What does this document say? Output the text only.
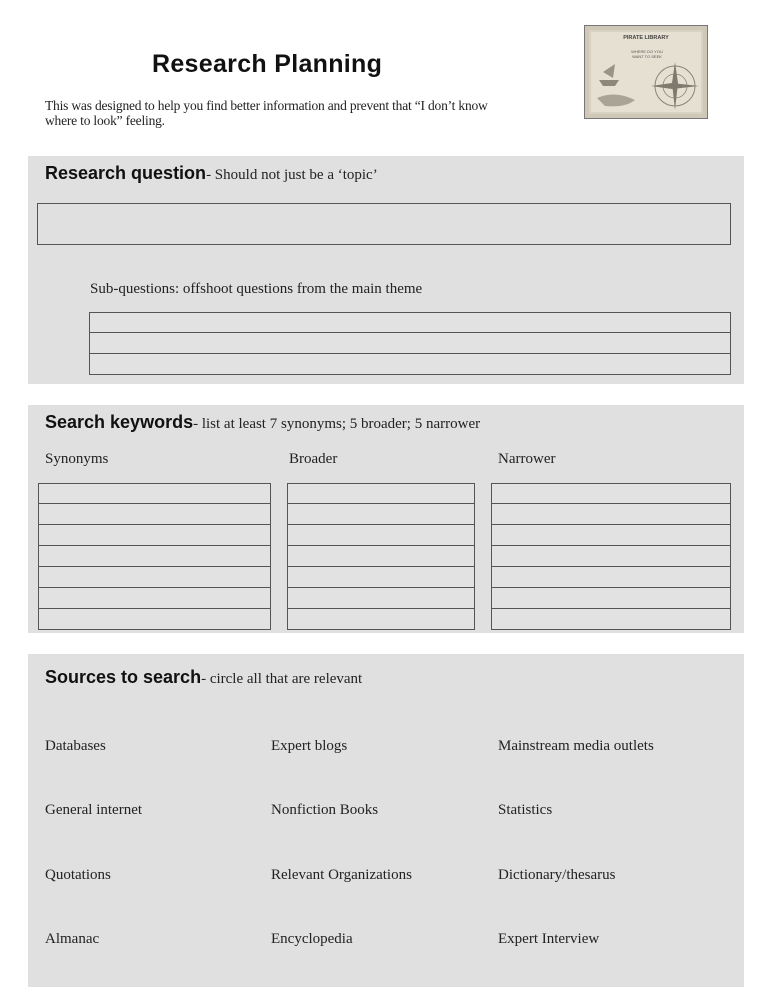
Research Planning
This was designed to help you find better information and prevent that “I don’t know where to look” feeling.
PIRATE LIBRARY
WHERE DO YOU
WANT TO SEEK
Research question- Should not just be a ‘topic’
Sub-questions: offshoot questions from the main theme
Search keywords- list at least 7 synonyms; 5 broader; 5 narrower
Synonyms	Broader	Narrower
Sources to search- circle all that are relevant
Databases	Expert blogs	Mainstream media outlets
General internet	Nonfiction Books	Statistics
Quotations	Relevant Organizations	Dictionary/thesarus
Almanac	Encyclopedia	Expert Interview
